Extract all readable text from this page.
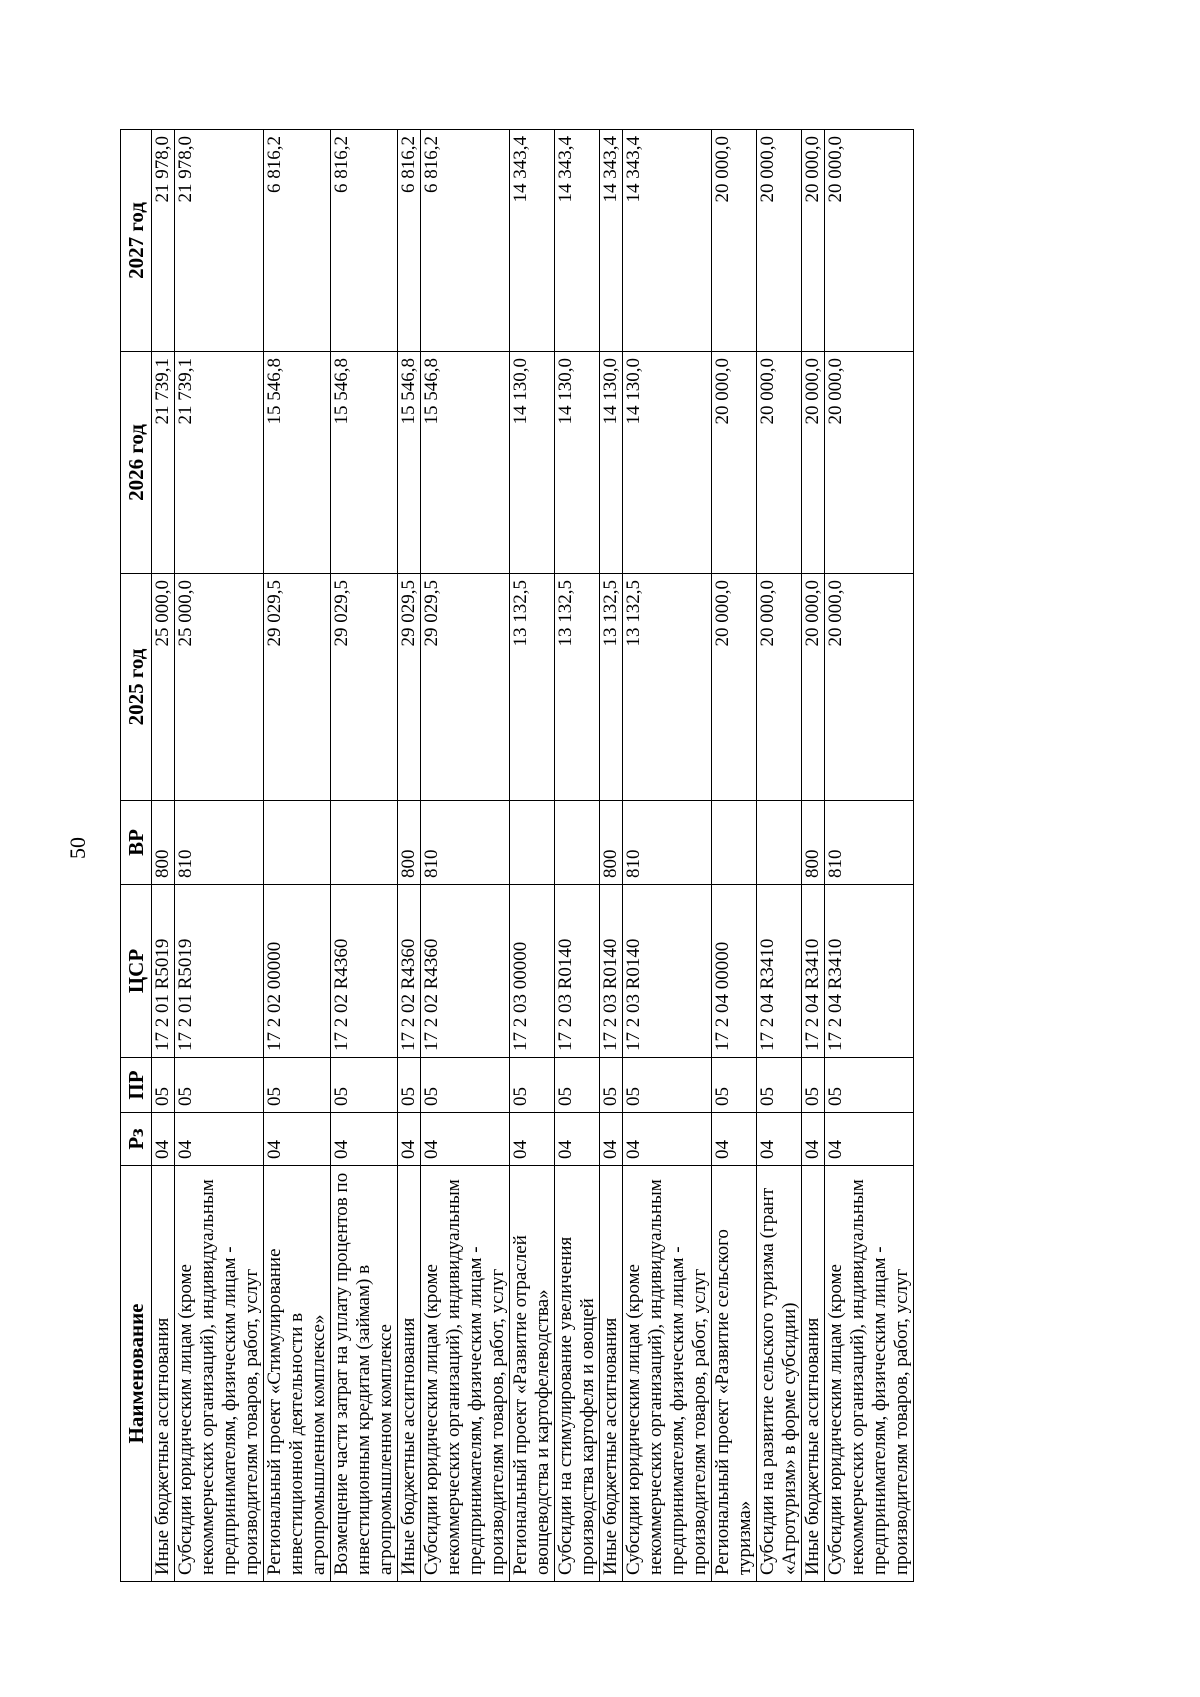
50
Наименование	Рз	ПР	ЦСР	ВР	2025 год	2026 год	2027 год
Иные бюджетные ассигнования	04	05	17 2 01 R5019	800	25 000,0	21 739,1	21 978,0
Субсидии юридическим лицам (кроме некоммерческих организаций), индивидуальным предпринимателям, физическим лицам - производителям товаров, работ, услуг	04	05	17 2 01 R5019	810	25 000,0	21 739,1	21 978,0
Региональный проект «Стимулирование инвестиционной деятельности в агропромышленном комплексе»	04	05	17 2 02 00000		29 029,5	15 546,8	6 816,2
Возмещение части затрат на уплату процентов по инвестиционным кредитам (займам) в агропромышленном комплексе	04	05	17 2 02 R4360		29 029,5	15 546,8	6 816,2
Иные бюджетные ассигнования	04	05	17 2 02 R4360	800	29 029,5	15 546,8	6 816,2
Субсидии юридическим лицам (кроме некоммерческих организаций), индивидуальным предпринимателям, физическим лицам - производителям товаров, работ, услуг	04	05	17 2 02 R4360	810	29 029,5	15 546,8	6 816,2
Региональный проект «Развитие отраслей овощеводства и картофелеводства»	04	05	17 2 03 00000		13 132,5	14 130,0	14 343,4
Субсидии на стимулирование увеличения производства картофеля и овощей	04	05	17 2 03 R0140		13 132,5	14 130,0	14 343,4
Иные бюджетные ассигнования	04	05	17 2 03 R0140	800	13 132,5	14 130,0	14 343,4
Субсидии юридическим лицам (кроме некоммерческих организаций), индивидуальным предпринимателям, физическим лицам - производителям товаров, работ, услуг	04	05	17 2 03 R0140	810	13 132,5	14 130,0	14 343,4
Региональный проект «Развитие сельского туризма»	04	05	17 2 04 00000		20 000,0	20 000,0	20 000,0
Субсидии на развитие сельского туризма (грант «Агротуризм» в форме субсидии)	04	05	17 2 04 R3410		20 000,0	20 000,0	20 000,0
Иные бюджетные ассигнования	04	05	17 2 04 R3410	800	20 000,0	20 000,0	20 000,0
Субсидии юридическим лицам (кроме некоммерческих организаций), индивидуальным предпринимателям, физическим лицам - производителям товаров, работ, услуг	04	05	17 2 04 R3410	810	20 000,0	20 000,0	20 000,0
